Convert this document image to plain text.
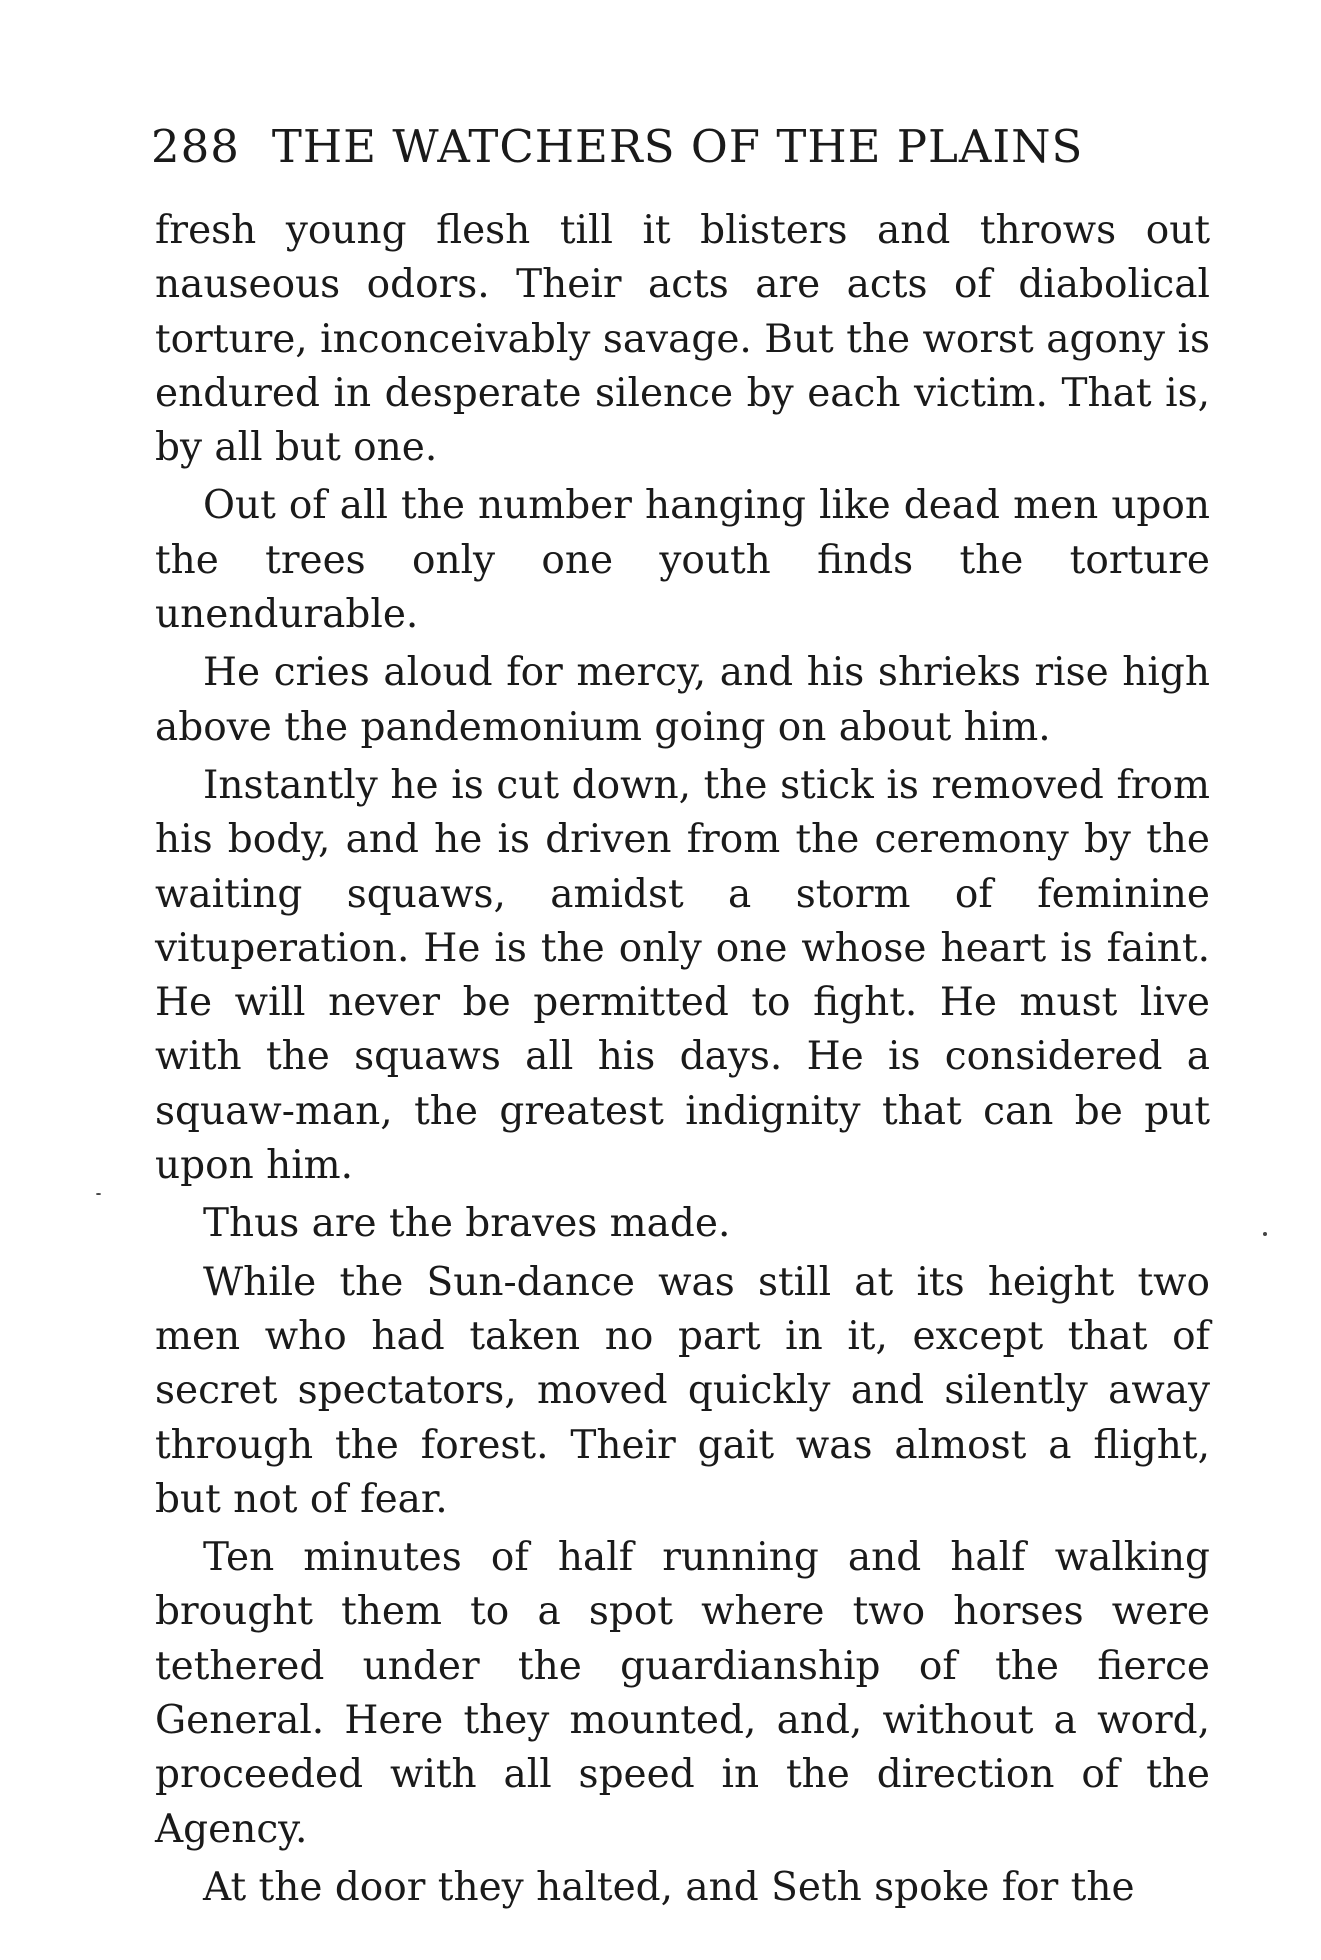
288 THE WATCHERS OF THE PLAINS

fresh young flesh till it blisters and throws out nauseous odors. Their acts are acts of diabolical torture, inconceivably savage. But the worst agony is endured in desperate silence by each victim. That is, by all but one.

Out of all the number hanging like dead men upon the trees only one youth finds the torture unendurable.

He cries aloud for mercy, and his shrieks rise high above the pandemonium going on about him.

Instantly he is cut down, the stick is removed from his body, and he is driven from the ceremony by the waiting squaws, amidst a storm of feminine vituperation. He is the only one whose heart is faint. He will never be permitted to fight. He must live with the squaws all his days. He is considered a squaw-man, the greatest indignity that can be put upon him.

Thus are the braves made.

While the Sun-dance was still at its height two men who had taken no part in it, except that of secret spectators, moved quickly and silently away through the forest. Their gait was almost a flight, but not of fear.

Ten minutes of half running and half walking brought them to a spot where two horses were tethered under the guardianship of the fierce General. Here they mounted, and, without a word, proceeded with all speed in the direction of the Agency.

At the door they halted, and Seth spoke for the
